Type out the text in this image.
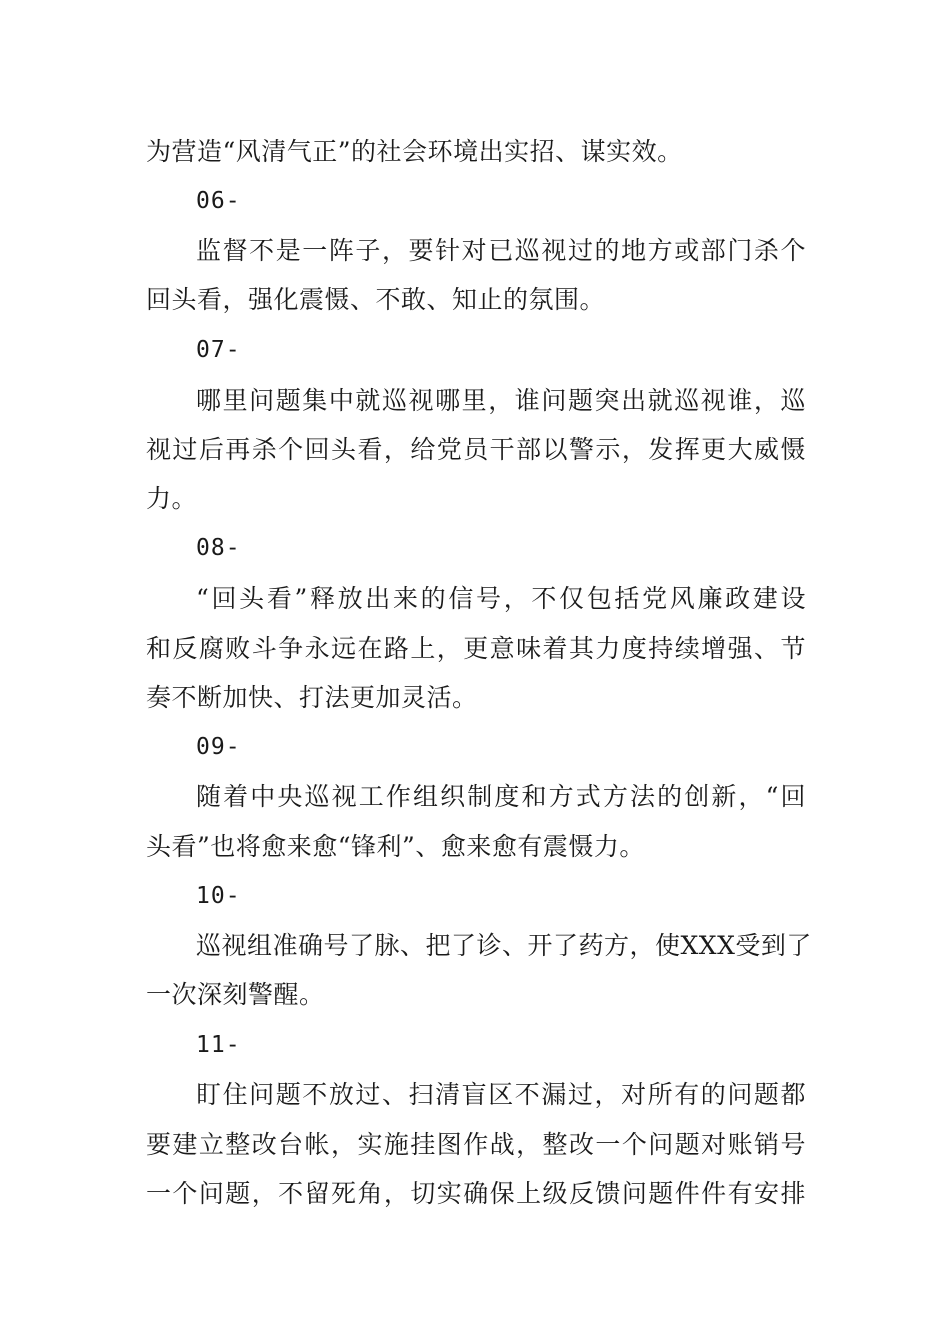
为营造“风清气正”的社会环境出实招、谋实效。
06-
监督不是一阵子，要针对已巡视过的地方或部门杀个
回头看，强化震慑、不敢、知止的氛围。
07-
哪里问题集中就巡视哪里，谁问题突出就巡视谁，巡
视过后再杀个回头看，给党员干部以警示，发挥更大威慑
力。
08-
“回头看”释放出来的信号，不仅包括党风廉政建设
和反腐败斗争永远在路上，更意味着其力度持续增强、节
奏不断加快、打法更加灵活。
09-
随着中央巡视工作组织制度和方式方法的创新，“回
头看”也将愈来愈“锋利”、愈来愈有震慑力。
10-
巡视组准确号了脉、把了诊、开了药方，使XXX受到了
一次深刻警醒。
11-
盯住问题不放过、扫清盲区不漏过，对所有的问题都
要建立整改台帐，实施挂图作战，整改一个问题对账销号
一个问题，不留死角，切实确保上级反馈问题件件有安排
